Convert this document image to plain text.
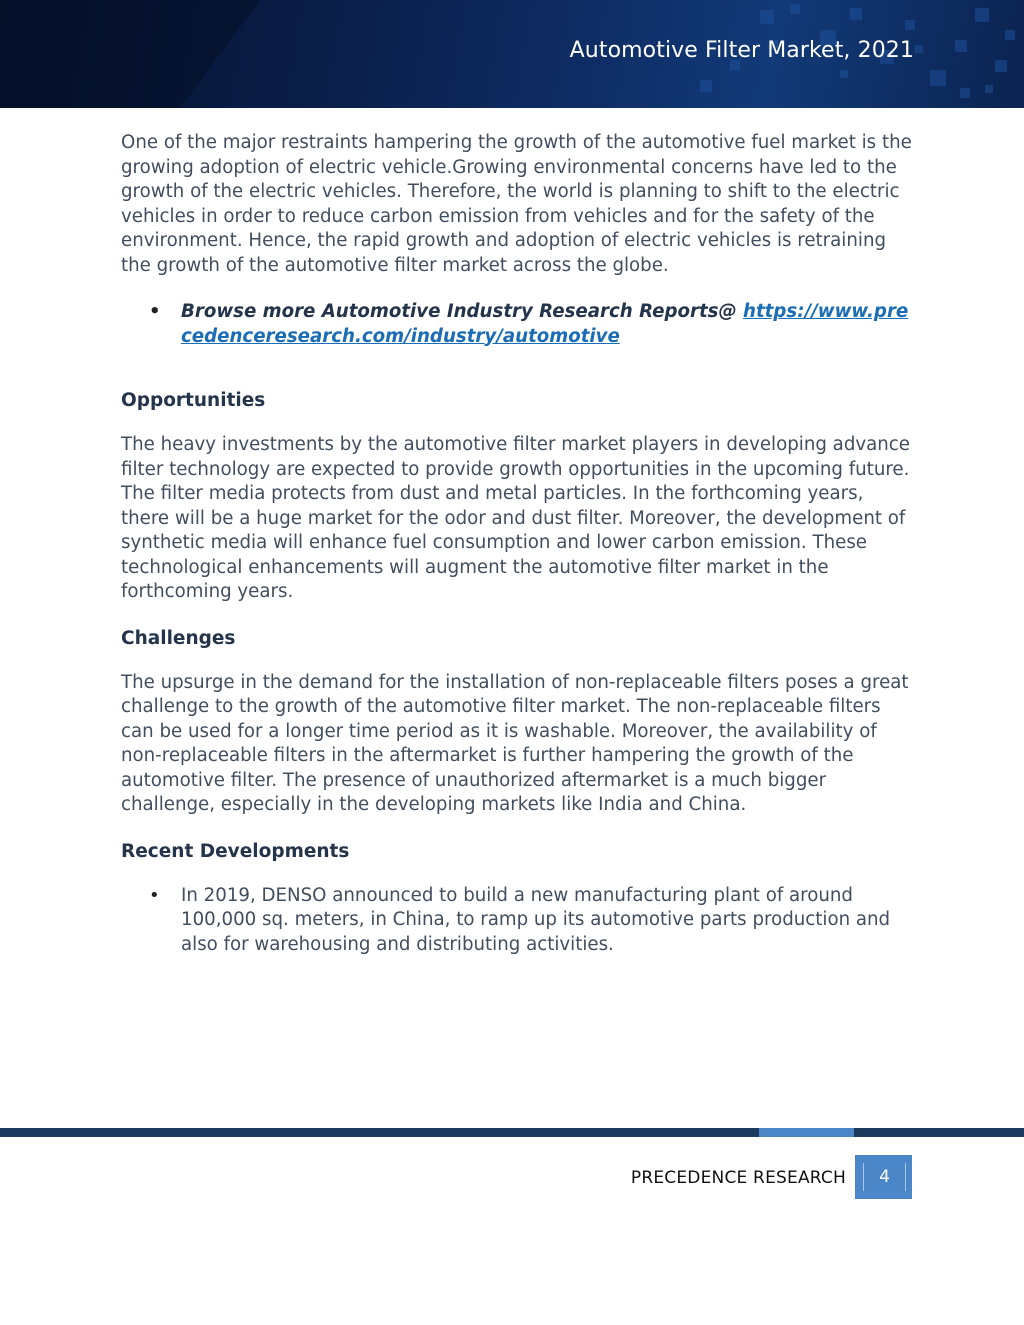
Automotive Filter Market, 2021

One of the major restraints hampering the growth of the automotive fuel market is the growing adoption of electric vehicle.Growing environmental concerns have led to the growth of the electric vehicles. Therefore, the world is planning to shift to the electric vehicles in order to reduce carbon emission from vehicles and for the safety of the environment. Hence, the rapid growth and adoption of electric vehicles is retraining the growth of the automotive filter market across the globe.

• Browse more Automotive Industry Research Reports@ https://www.precedenceresearch.com/industry/automotive
Opportunities

The heavy investments by the automotive filter market players in developing advance filter technology are expected to provide growth opportunities in the upcoming future. The filter media protects from dust and metal particles. In the forthcoming years, there will be a huge market for the odor and dust filter. Moreover, the development of synthetic media will enhance fuel consumption and lower carbon emission. These technological enhancements will augment the automotive filter market in the forthcoming years.

Challenges

The upsurge in the demand for the installation of non-replaceable filters poses a great challenge to the growth of the automotive filter market. The non-replaceable filters can be used for a longer time period as it is washable. Moreover, the availability of non-replaceable filters in the aftermarket is further hampering the growth of the automotive filter. The presence of unauthorized aftermarket is a much bigger challenge, especially in the developing markets like India and China.

Recent Developments
• In 2019, DENSO announced to build a new manufacturing plant of around 100,000 sq. meters, in China, to ramp up its automotive parts production and also for warehousing and distributing activities.
PRECEDENCE RESEARCH	4
